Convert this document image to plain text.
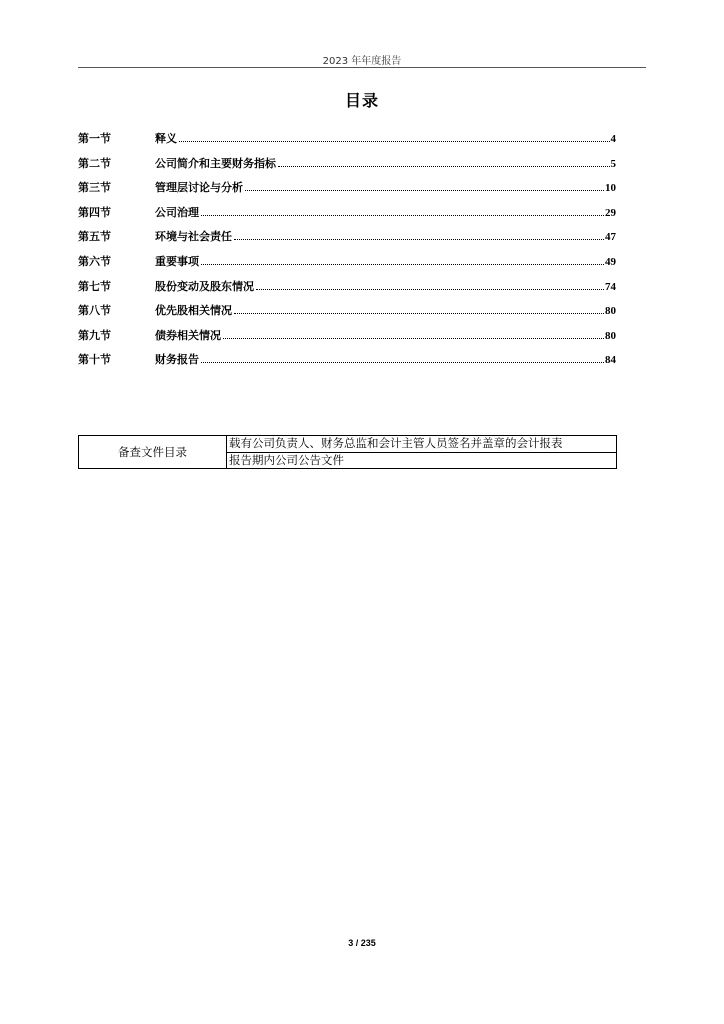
2023 年年度报告
目录
第一节	释义	4
第二节	公司简介和主要财务指标	5
第三节	管理层讨论与分析	10
第四节	公司治理	29
第五节	环境与社会责任	47
第六节	重要事项	49
第七节	股份变动及股东情况	74
第八节	优先股相关情况	80
第九节	债券相关情况	80
第十节	财务报告	84
备查文件目录	载有公司负责人、财务总监和会计主管人员签名并盖章的会计报表
报告期内公司公告文件
3 / 235
